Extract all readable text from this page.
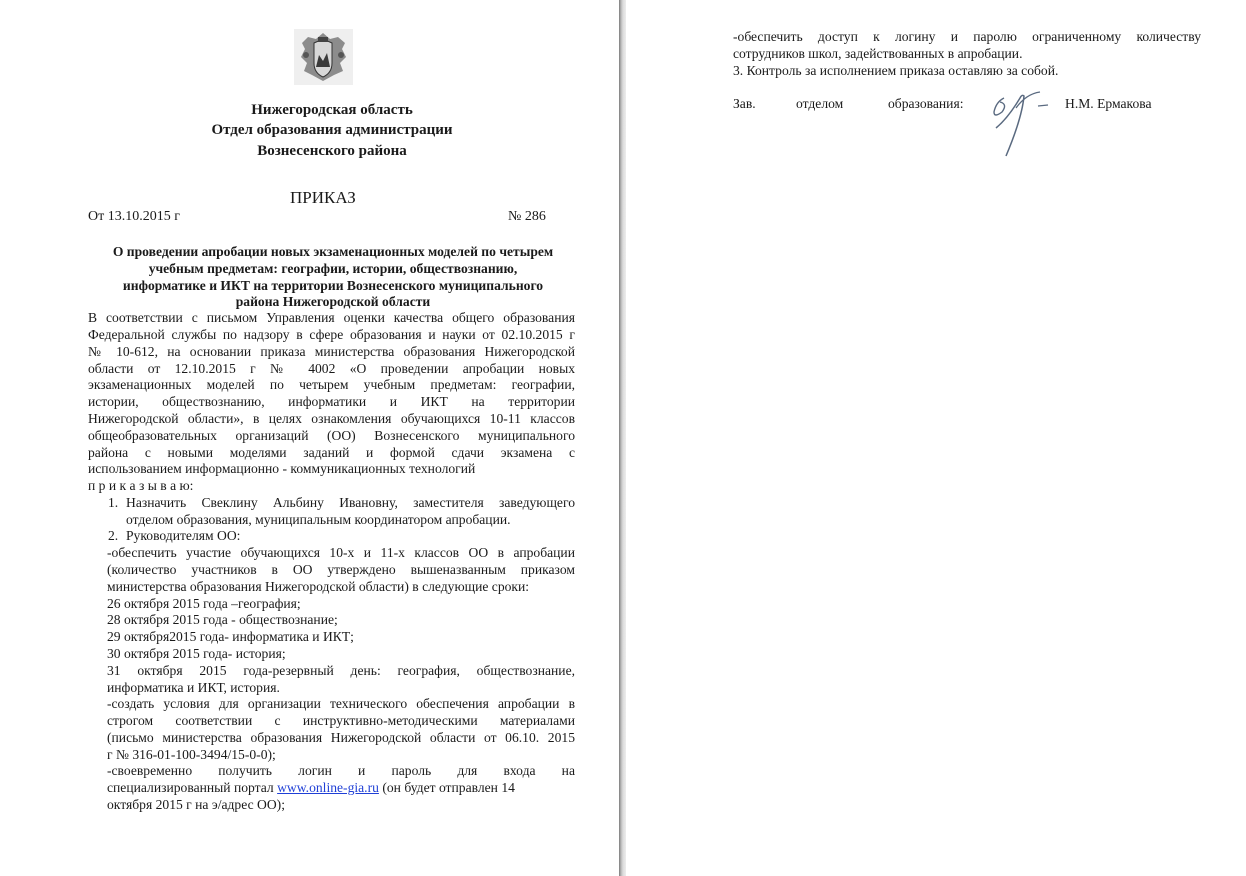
Нижегородская область
Отдел образования администрации
Вознесенского района
ПРИКАЗ
От 13.10.2015 г	№ 286
О проведении апробации новых экзаменационных моделей по четырем
учебным предметам: географии, истории, обществознанию,
информатике и ИКТ на территории Вознесенского муниципального
района Нижегородской области
В соответствии с письмом Управления оценки качества общего образования
Федеральной службы по надзору в сфере образования и науки от 02.10.2015 г
№ 10-612, на основании приказа министерства образования Нижегородской
области от 12.10.2015 г № 4002 «О проведении апробации новых
экзаменационных моделей по четырем учебным предметам: географии,
истории, обществознанию, информатики и ИКТ на территории
Нижегородской области», в целях ознакомления обучающихся 10-11 классов
общеобразовательных организаций (ОО) Вознесенского муниципального
района с новыми моделями заданий и формой сдачи экзамена с
использованием информационно - коммуникационных технологий
п р и к а з ы в а ю:
1. Назначить Свеклину Альбину Ивановну, заместителя заведующего
отделом образования, муниципальным координатором апробации.
2. Руководителям ОО:
-обеспечить участие обучающихся 10-х и 11-х классов ОО в апробации
(количество участников в ОО утверждено вышеназванным приказом
министерства образования Нижегородской области) в следующие сроки:
26 октября 2015 года –география;
28 октября 2015 года - обществознание;
29 октября2015 года- информатика и ИКТ;
30 октября 2015 года- история;
31 октября 2015 года-резервный день: география, обществознание,
информатика и ИКТ, история.
-создать условия для организации технического обеспечения апробации в
строгом соответствии с инструктивно-методическими материалами
(письмо министерства образования Нижегородской области от 06.10. 2015
г № 316-01-100-3494/15-0-0);
-своевременно получить логин и пароль для входа на
специализированный портал www.online-gia.ru (он будет отправлен 14
октября 2015 г на э/адрес ОО);
-обеспечить доступ к логину и паролю ограниченному количеству
сотрудников школ, задействованных в апробации.
3. Контроль за исполнением приказа оставляю за собой.
Зав.	отделом	образования:	Н.М. Ермакова
